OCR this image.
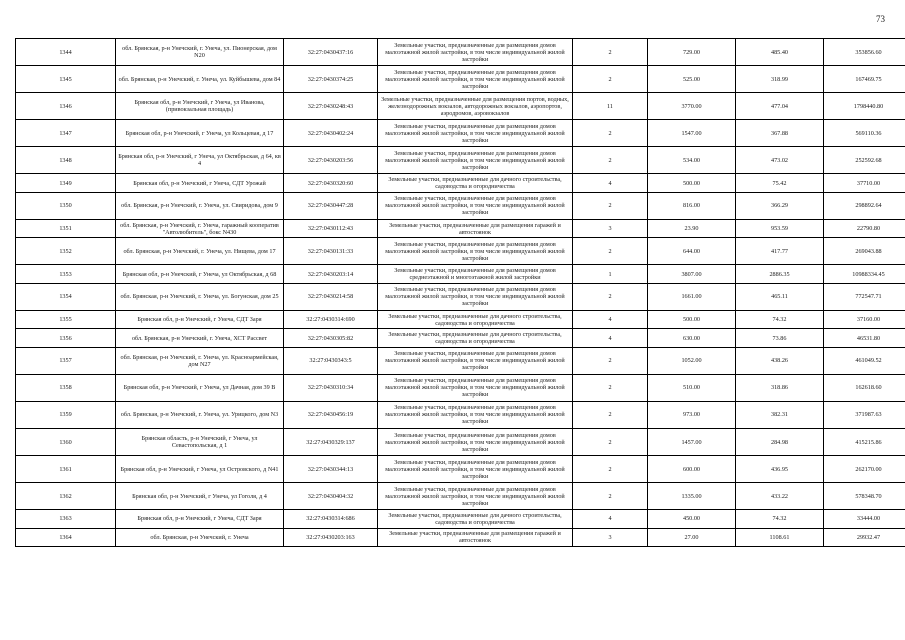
73
1344	обл. Брянская, р-н Унечский, г. Унеча, ул. Пионерская, дом N20	32:27:0430437:16	Земельные участки, предназначенные для размещения домов малоэтажной жилой застройки, в том числе индивидуальной жилой застройки	2	729.00	485.40	353856.60
1345	обл. Брянская, р-н Унечский, г. Унеча, ул. Куйбышева, дом 84	32:27:0430374:25	Земельные участки, предназначенные для размещения домов малоэтажной жилой застройки, в том числе индивидуальной жилой застройки	2	525.00	318.99	167469.75
1346	Брянская обл, р-н Унечский, г Унеча, ул Иванова, (привокзальная площадь)	32:27:0430248:43	Земельные участки, предназначенные для размещения портов, водных, железнодорожных вокзалов, автодорожных вокзалов, аэропортов, аэродромов, аэровокзалов	11	3770.00	477.04	1798440.80
1347	Брянская обл, р-н Унечский, г Унеча, ул Кольцевая, д 17	32:27:0430402:24	Земельные участки, предназначенные для размещения домов малоэтажной жилой застройки, в том числе индивидуальной жилой застройки	2	1547.00	367.88	569110.36
1348	Брянская обл, р-н Унечский, г Унеча, ул Октябрьская, д 64, кв 4	32:27:0430203:56	Земельные участки, предназначенные для размещения домов малоэтажной жилой застройки, в том числе индивидуальной жилой застройки	2	534.00	473.02	252592.68
1349	Брянская обл, р-н Унечский, г Унеча, СДТ Урожай	32:27:0430320:60	Земельные участки, предназначенные для дачного строительства, садоводства и огородничества	4	500.00	75.42	37710.00
1350	обл. Брянская, р-н Унечский, г. Унеча, ул. Свиридова, дом 9	32:27:0430447:28	Земельные участки, предназначенные для размещения домов малоэтажной жилой застройки, в том числе индивидуальной жилой застройки	2	816.00	366.29	298892.64
1351	обл. Брянская, р-н Унечский, г. Унеча, гаражный кооператив "Автолюбитель", бокс N430	32:27:0430112:43	Земельные участки, предназначенные для размещения гаражей и автостоянок	3	23.90	953.59	22790.80
1352	обл. Брянская, р-н Унечский, г. Унеча, ул. Нищева, дом 17	32:27:0430131:33	Земельные участки, предназначенные для размещения домов малоэтажной жилой застройки, в том числе индивидуальной жилой застройки	2	644.00	417.77	269043.88
1353	Брянская обл, р-н Унечский, г Унеча, ул Октябрьская, д 68	32:27:0430203:14	Земельные участки, предназначенные для размещения домов среднеэтажной и многоэтажной жилой застройки	1	3807.00	2886.35	10988334.45
1354	обл. Брянская, р-н Унечский, г. Унеча, ул. Богунская, дом 25	32:27:0430214:58	Земельные участки, предназначенные для размещения домов малоэтажной жилой застройки, в том числе индивидуальной жилой застройки	2	1661.00	465.11	772547.71
1355	Брянская обл, р-н Унечский, г Унеча, СДТ Заря	32:27:0430314:690	Земельные участки, предназначенные для дачного строительства, садоводства и огородничества	4	500.00	74.32	37160.00
1356	обл. Брянская, р-н Унечский, г. Унеча, ХСТ Рассвет	32:27:0430305:82	Земельные участки, предназначенные для дачного строительства, садоводства и огородничества	4	630.00	73.86	46531.80
1357	обл. Брянская, р-н Унечский, г. Унеча, ул. Красноармейская, дом N27	32:27:0430343:5	Земельные участки, предназначенные для размещения домов малоэтажной жилой застройки, в том числе индивидуальной жилой застройки	2	1052.00	438.26	461049.52
1358	Брянская обл, р-н Унечский, г Унеча, ул Дачная, дом 39 В	32:27:0430310:34	Земельные участки, предназначенные для размещения домов малоэтажной жилой застройки, в том числе индивидуальной жилой застройки	2	510.00	318.86	162618.60
1359	обл. Брянская, р-н Унечский, г. Унеча, ул. Урицкого, дом N3	32:27:0430456:19	Земельные участки, предназначенные для размещения домов малоэтажной жилой застройки, в том числе индивидуальной жилой застройки	2	973.00	382.31	371987.63
1360	Брянская область, р-н Унечский, г Унеча, ул Севастопольская, д 1	32:27:0430329:137	Земельные участки, предназначенные для размещения домов малоэтажной жилой застройки, в том числе индивидуальной жилой застройки	2	1457.00	284.98	415215.86
1361	Брянская обл, р-н Унечский, г Унеча, ул Островского, д N41	32:27:0430344:13	Земельные участки, предназначенные для размещения домов малоэтажной жилой застройки, в том числе индивидуальной жилой застройки	2	600.00	436.95	262170.00
1362	Брянская обл, р-н Унечский, г Унеча, ул Гоголя, д 4	32:27:0430404:32	Земельные участки, предназначенные для размещения домов малоэтажной жилой застройки, в том числе индивидуальной жилой застройки	2	1335.00	433.22	578348.70
1363	Брянская обл, р-н Унечский, г Унеча, СДТ Заря	32:27:0430314:686	Земельные участки, предназначенные для дачного строительства, садоводства и огородничества	4	450.00	74.32	33444.00
1364	обл. Брянская, р-н Унечский, г. Унеча	32:27:0430203:163	Земельные участки, предназначенные для размещения гаражей и автостоянок	3	27.00	1108.61	29932.47
